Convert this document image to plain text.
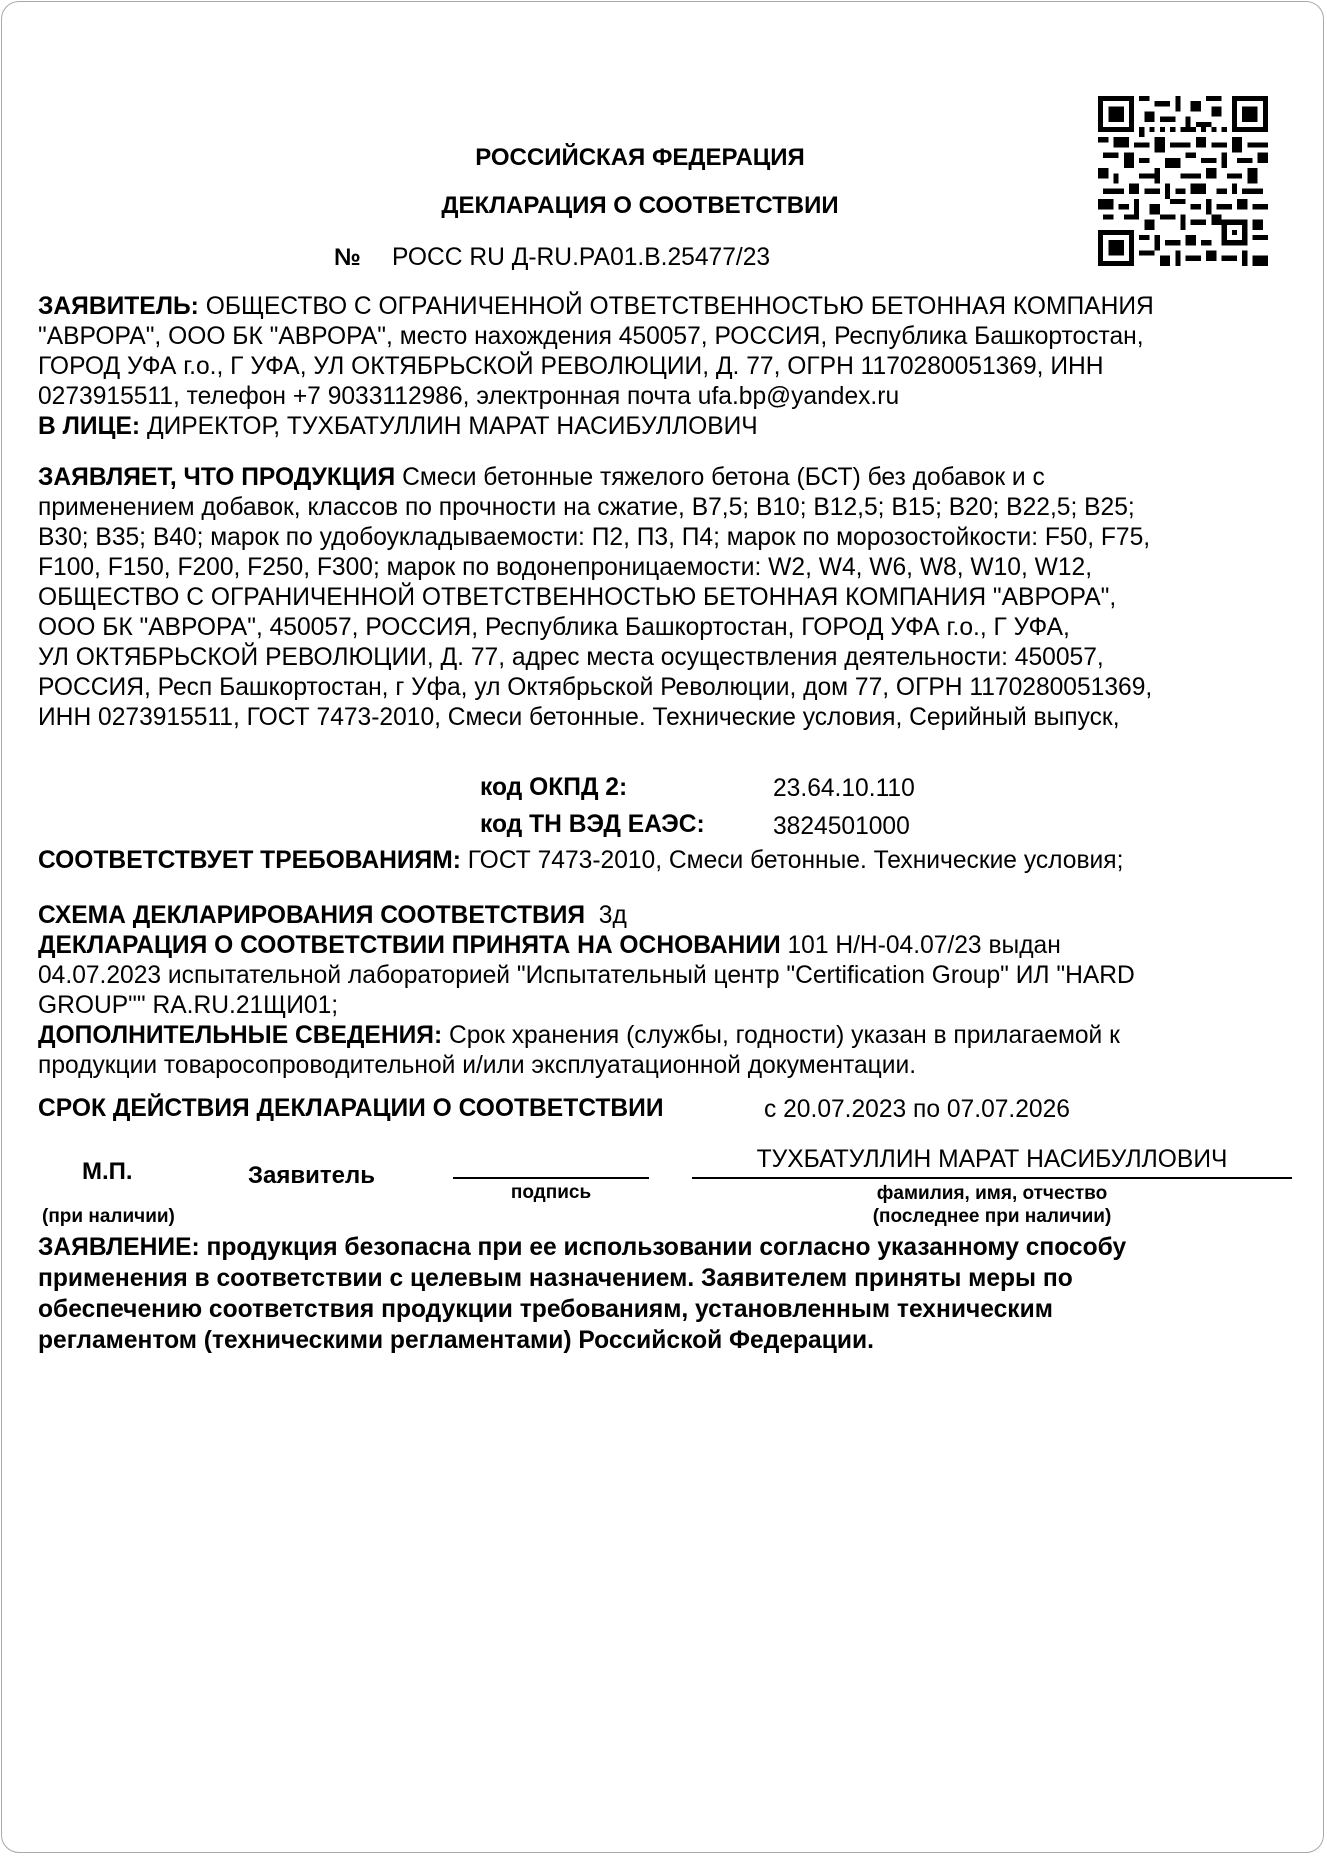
РОССИЙСКАЯ ФЕДЕРАЦИЯ
ДЕКЛАРАЦИЯ О СООТВЕТСТВИИ
№ РОСС RU Д-RU.РА01.В.25477/23
ЗАЯВИТЕЛЬ: ОБЩЕСТВО С ОГРАНИЧЕННОЙ ОТВЕТСТВЕННОСТЬЮ БЕТОННАЯ КОМПАНИЯ
"АВРОРА", ООО БК "АВРОРА", место нахождения 450057, РОССИЯ, Республика Башкортостан,
ГОРОД УФА г.о., Г УФА, УЛ ОКТЯБРЬСКОЙ РЕВОЛЮЦИИ, Д. 77, ОГРН 1170280051369, ИНН
0273915511, телефон +7 9033112986, электронная почта ufa.bp@yandex.ru
В ЛИЦЕ: ДИРЕКТОР, ТУХБАТУЛЛИН МАРАТ НАСИБУЛЛОВИЧ
ЗАЯВЛЯЕТ, ЧТО ПРОДУКЦИЯ Смеси бетонные тяжелого бетона (БСТ) без добавок и с
применением добавок, классов по прочности на сжатие, В7,5; В10; В12,5; В15; В20; В22,5; В25;
В30; В35; В40; марок по удобоукладываемости: П2, П3, П4; марок по морозостойкости: F50, F75,
F100, F150, F200, F250, F300; марок по водонепроницаемости: W2, W4, W6, W8, W10, W12,
ОБЩЕСТВО С ОГРАНИЧЕННОЙ ОТВЕТСТВЕННОСТЬЮ БЕТОННАЯ КОМПАНИЯ "АВРОРА",
ООО БК "АВРОРА", 450057, РОССИЯ, Республика Башкортостан, ГОРОД УФА г.о., Г УФА,
УЛ ОКТЯБРЬСКОЙ РЕВОЛЮЦИИ, Д. 77, адрес места осуществления деятельности: 450057,
РОССИЯ, Респ Башкортостан, г Уфа, ул Октябрьской Революции, дом 77, ОГРН 1170280051369,
ИНН 0273915511, ГОСТ 7473-2010, Смеси бетонные. Технические условия, Серийный выпуск,
код ОКПД 2:	23.64.10.110
код ТН ВЭД ЕАЭС:	3824501000
СООТВЕТСТВУЕТ ТРЕБОВАНИЯМ: ГОСТ 7473-2010, Смеси бетонные. Технические условия;
СХЕМА ДЕКЛАРИРОВАНИЯ СООТВЕТСТВИЯ 3д
ДЕКЛАРАЦИЯ О СООТВЕТСТВИИ ПРИНЯТА НА ОСНОВАНИИ 101 Н/Н-04.07/23 выдан
04.07.2023 испытательной лабораторией "Испытательный центр "Certification Group" ИЛ "HARD
GROUP"" RA.RU.21ЩИ01;
ДОПОЛНИТЕЛЬНЫЕ СВЕДЕНИЯ: Срок хранения (службы, годности) указан в прилагаемой к
продукции товаросопроводительной и/или эксплуатационной документации.
СРОК ДЕЙСТВИЯ ДЕКЛАРАЦИИ О СООТВЕТСТВИИ	с 20.07.2023 по 07.07.2026
М.П.
(при наличии)
Заявитель
подпись
ТУХБАТУЛЛИН МАРАТ НАСИБУЛЛОВИЧ
фамилия, имя, отчество
(последнее при наличии)
ЗАЯВЛЕНИЕ: продукция безопасна при ее использовании согласно указанному способу
применения в соответствии с целевым назначением. Заявителем приняты меры по
обеспечению соответствия продукции требованиям, установленным техническим
регламентом (техническими регламентами) Российской Федерации.
